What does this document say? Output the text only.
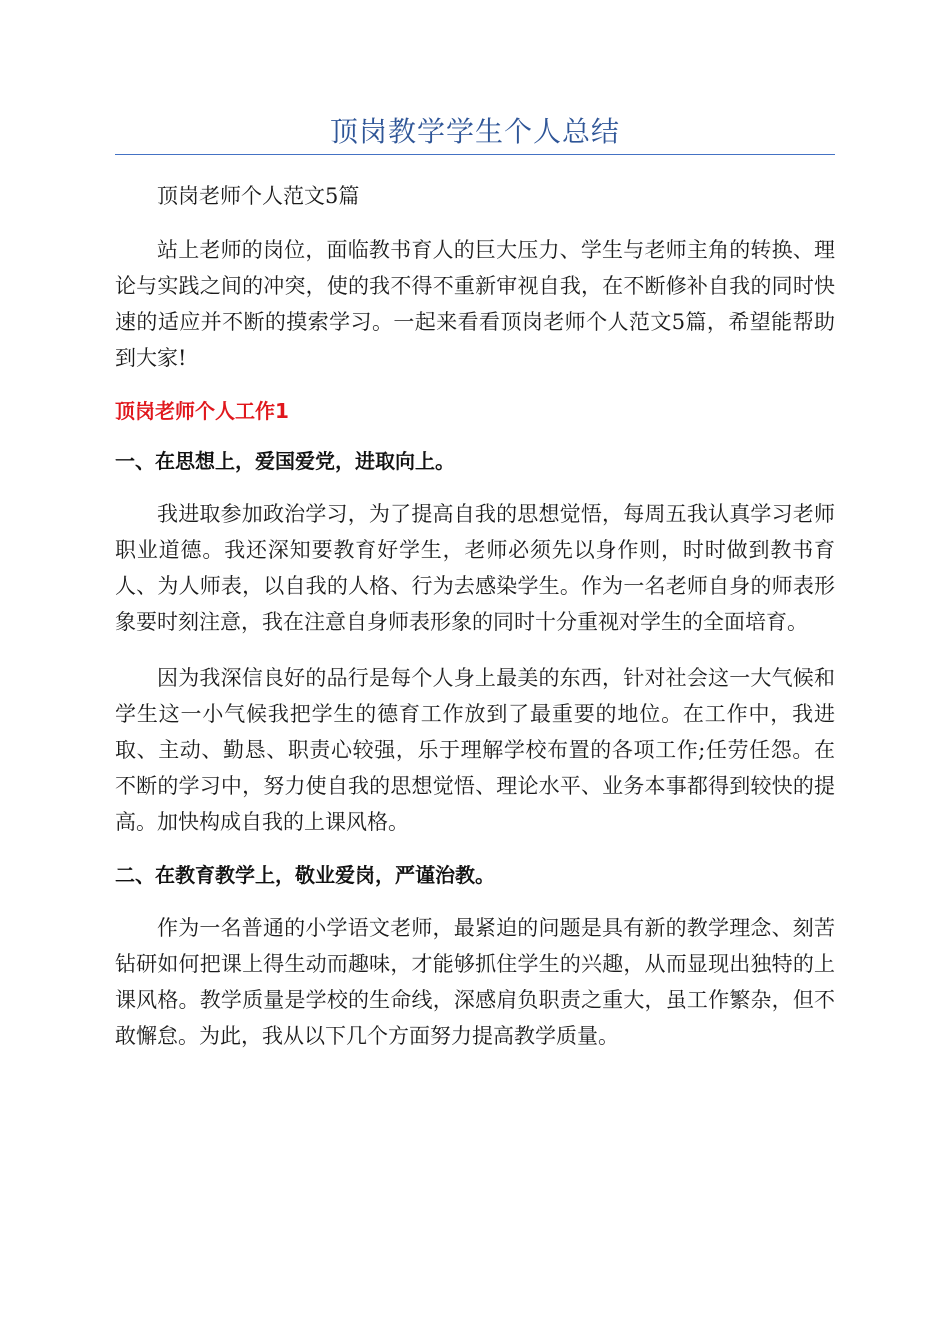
顶岗教学学生个人总结

顶岗老师个人范文5篇

站上老师的岗位，面临教书育人的巨大压力、学生与老师主角的转换、理论与实践之间的冲突，使的我不得不重新审视自我，在不断修补自我的同时快速的适应并不断的摸索学习。一起来看看顶岗老师个人范文5篇，希望能帮助到大家!

顶岗老师个人工作1

一、在思想上，爱国爱党，进取向上。

我进取参加政治学习，为了提高自我的思想觉悟，每周五我认真学习老师职业道德。我还深知要教育好学生，老师必须先以身作则，时时做到教书育人、为人师表，以自我的人格、行为去感染学生。作为一名老师自身的师表形象要时刻注意，我在注意自身师表形象的同时十分重视对学生的全面培育。

因为我深信良好的品行是每个人身上最美的东西，针对社会这一大气候和学生这一小气候我把学生的德育工作放到了最重要的地位。在工作中，我进取、主动、勤恳、职责心较强，乐于理解学校布置的各项工作;任劳任怨。在不断的学习中，努力使自我的思想觉悟、理论水平、业务本事都得到较快的提高。加快构成自我的上课风格。

二、在教育教学上，敬业爱岗，严谨治教。

作为一名普通的小学语文老师，最紧迫的问题是具有新的教学理念、刻苦钻研如何把课上得生动而趣味，才能够抓住学生的兴趣，从而显现出独特的上课风格。教学质量是学校的生命线，深感肩负职责之重大，虽工作繁杂，但不敢懈怠。为此，我从以下几个方面努力提高教学质量。
